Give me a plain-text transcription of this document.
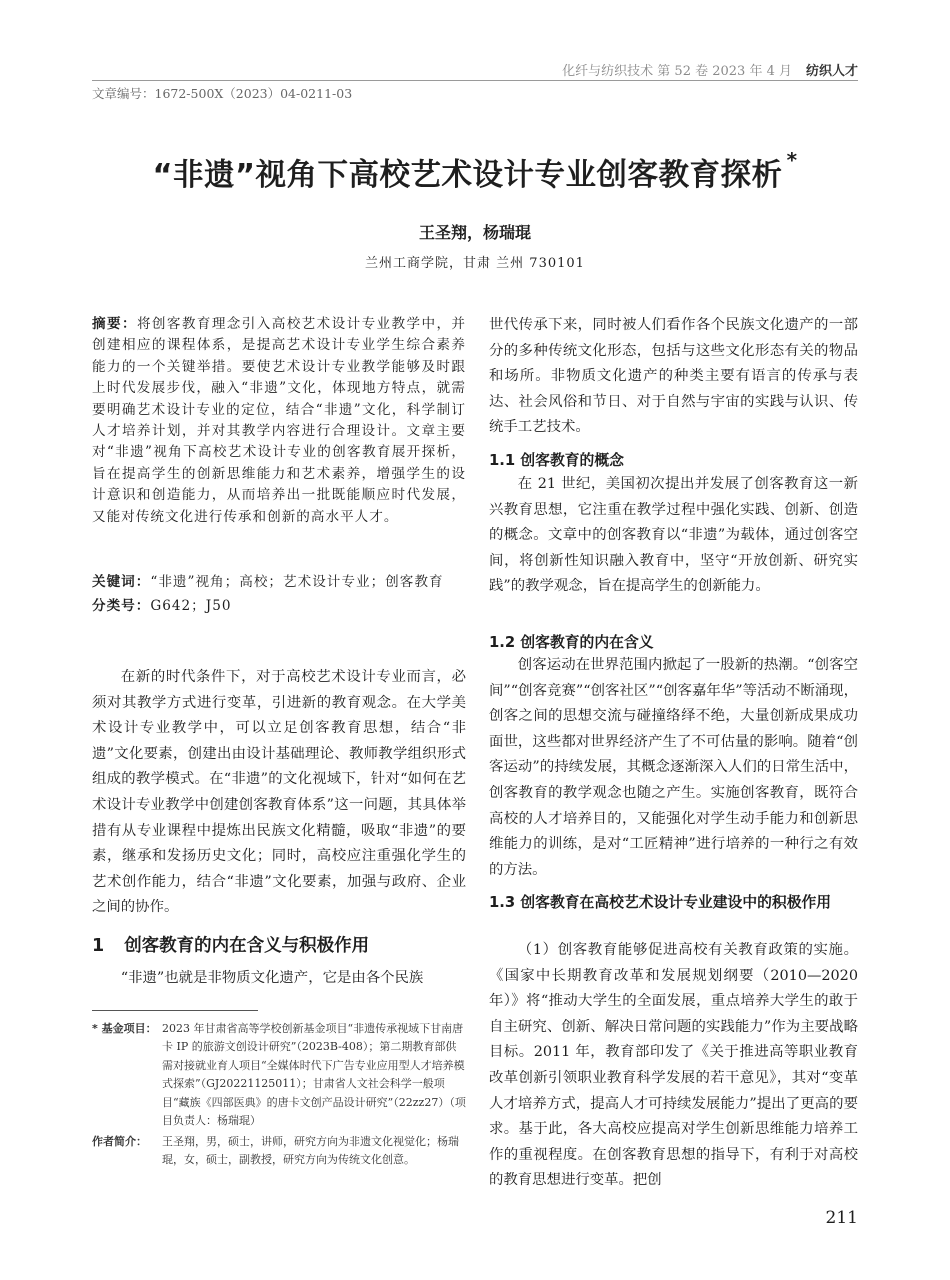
化纤与纺织技术 第 52 卷 2023 年 4 月 纺织人才
文章编号：1672-500X（2023）04-0211-03
“非遗”视角下高校艺术设计专业创客教育探析 *
王圣翔，杨瑞琨
兰州工商学院，甘肃 兰州 730101
摘要：将创客教育理念引入高校艺术设计专业教学中，并创建相应的课程体系，是提高艺术设计专业学生综合素养能力的一个关键举措。要使艺术设计专业教学能够及时跟上时代发展步伐，融入“非遗”文化，体现地方特点，就需要明确艺术设计专业的定位，结合“非遗”文化，科学制订人才培养计划，并对其教学内容进行合理设计。文章主要对“非遗”视角下高校艺术设计专业的创客教育展开探析，旨在提高学生的创新思维能力和艺术素养，增强学生的设计意识和创造能力，从而培养出一批既能顺应时代发展，又能对传统文化进行传承和创新的高水平人才。
关键词：“非遗”视角；高校；艺术设计专业；创客教育
分类号：G642；J50
在新的时代条件下，对于高校艺术设计专业而言，必须对其教学方式进行变革，引进新的教育观念。在大学美术设计专业教学中，可以立足创客教育思想，结合“非遗”文化要素，创建出由设计基础理论、教师教学组织形式组成的教学模式。在“非遗”的文化视域下，针对“如何在艺术设计专业教学中创建创客教育体系”这一问题，其具体举措有从专业课程中提炼出民族文化精髓，吸取“非遗”的要素，继承和发扬历史文化；同时，高校应注重强化学生的艺术创作能力，结合“非遗”文化要素，加强与政府、企业之间的协作。
1 创客教育的内在含义与积极作用
“非遗”也就是非物质文化遗产，它是由各个民族
* 基金项目： 2023 年甘肃省高等学校创新基金项目“非遗传承视域下甘南唐卡 IP 的旅游文创设计研究”（2023B-408）；第二期教育部供需对接就业育人项目“全媒体时代下广告专业应用型人才培养模式探索”（GJ20221125011）；甘肃省人文社会科学一般项目“藏族《四部医典》的唐卡文创产品设计研究”（22zz27）（项目负责人：杨瑞琨）
作者简介：	王圣翔，男，硕士，讲师，研究方向为非遗文化视觉化；杨瑞琨，女，硕士，副教授，研究方向为传统文化创意。
世代传承下来，同时被人们看作各个民族文化遗产的一部分的多种传统文化形态，包括与这些文化形态有关的物品和场所。非物质文化遗产的种类主要有语言的传承与表达、社会风俗和节日、对于自然与宇宙的实践与认识、传统手工艺技术。
1.1 创客教育的概念
在 21 世纪，美国初次提出并发展了创客教育这一新兴教育思想，它注重在教学过程中强化实践、创新、创造的概念。文章中的创客教育以“非遗”为载体，通过创客空间，将创新性知识融入教育中，坚守“开放创新、研究实践”的教学观念，旨在提高学生的创新能力。
1.2 创客教育的内在含义
创客运动在世界范围内掀起了一股新的热潮。“创客空间”“创客竞赛”“创客社区”“创客嘉年华”等活动不断涌现，创客之间的思想交流与碰撞络绎不绝，大量创新成果成功面世，这些都对世界经济产生了不可估量的影响。随着“创客运动”的持续发展，其概念逐渐深入人们的日常生活中，创客教育的教学观念也随之产生。实施创客教育，既符合高校的人才培养目的，又能强化对学生动手能力和创新思维能力的训练，是对“工匠精神”进行培养的一种行之有效的方法。
1.3 创客教育在高校艺术设计专业建设中的积极作用
（1）创客教育能够促进高校有关教育政策的实施。《国家中长期教育改革和发展规划纲要（2010—2020 年）》将“推动大学生的全面发展，重点培养大学生的敢于自主研究、创新、解决日常问题的实践能力”作为主要战略目标。2011 年，教育部印发了《关于推进高等职业教育改革创新引领职业教育科学发展的若干意见》，其对“变革人才培养方式，提高人才可持续发展能力”提出了更高的要求。基于此，各大高校应提高对学生创新思维能力培养工作的重视程度。在创客教育思想的指导下，有利于对高校的教育思想进行变革。把创
211
